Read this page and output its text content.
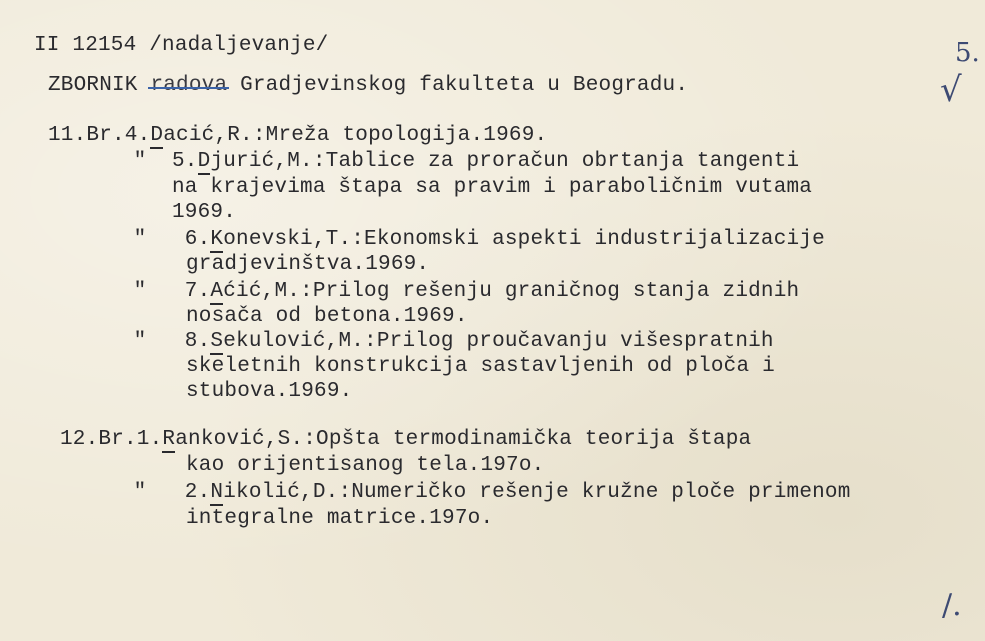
II 12154 /nadaljevanje/
ZBORNIK radova Gradjevinskog fakulteta u Beogradu.
5.
√
11.Br.4.Dacić,R.:Mreža topologija.1969.
"  5.Djurić,M.:Tablice za proračun obrtanja tangenti
na krajevima štapa sa pravim i paraboličnim vutama
1969.
"   6.Konevski,T.:Ekonomski aspekti industrijalizacije
gradjevinštva.1969.
"   7.Aćić,M.:Prilog rešenju graničnog stanja zidnih
nosača od betona.1969.
"   8.Sekulović,M.:Prilog proučavanju višespratnih
skeletnih konstrukcija sastavljenih od ploča i
stubova.1969.
12.Br.1.Ranković,S.:Opšta termodinamička teorija štapa
kao orijentisanog tela.197o.
"   2.Nikolić,D.:Numeričko rešenje kružne ploče primenom
integralne matrice.197o.
/.
